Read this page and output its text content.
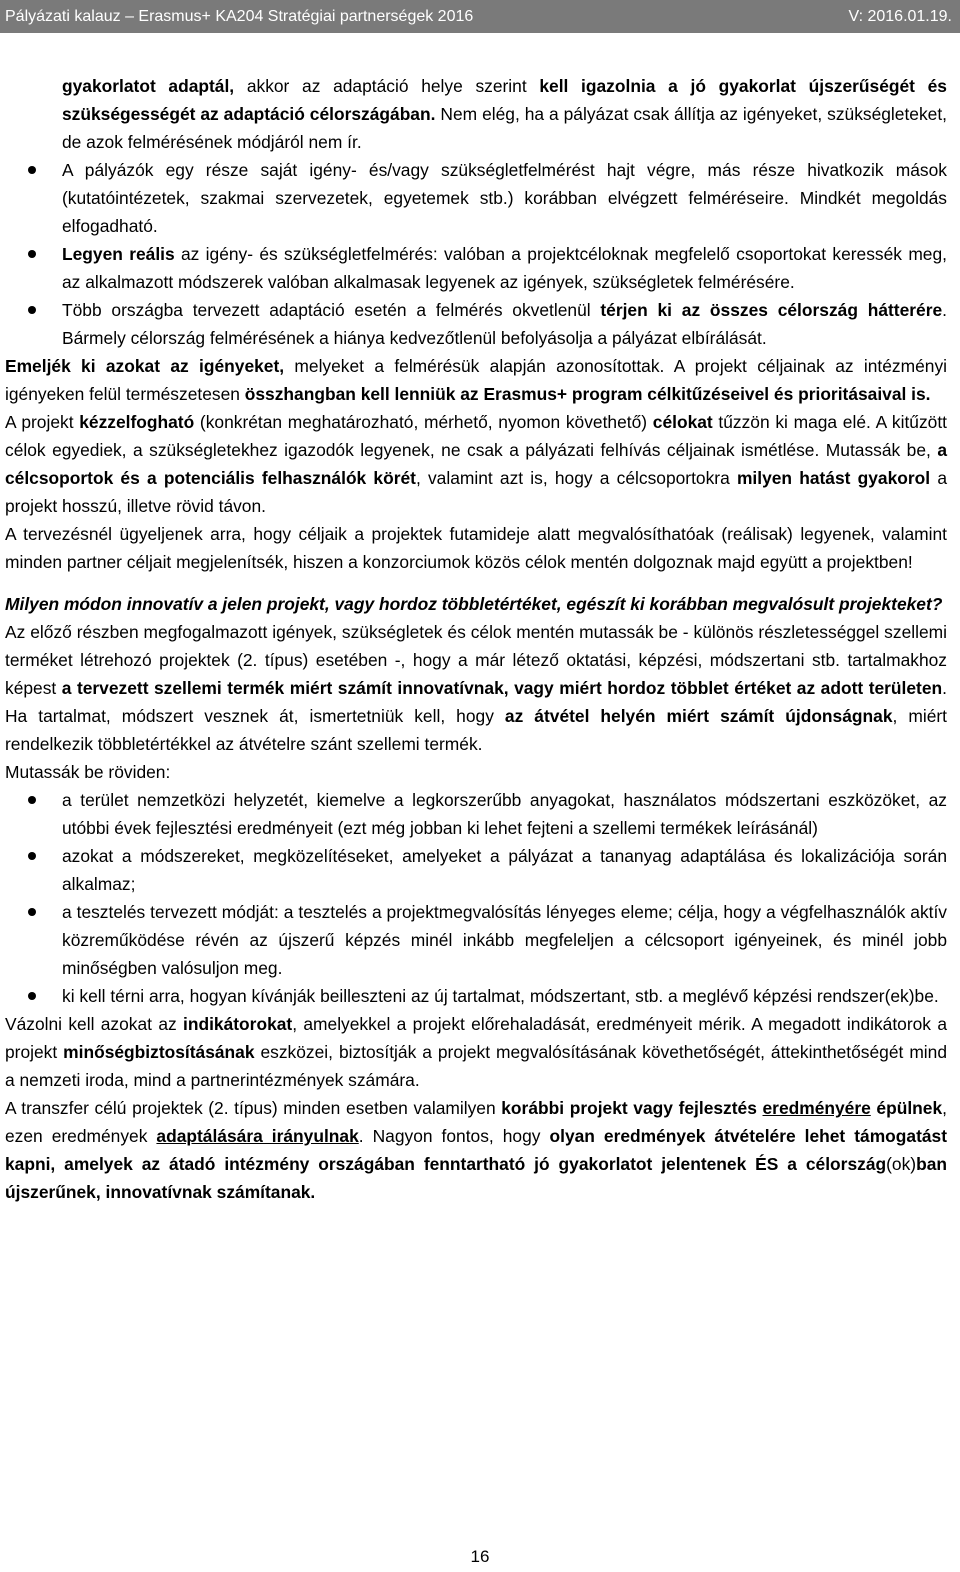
Pályázati kalauz – Erasmus+ KA204 Stratégiai partnerségek 2016	V: 2016.01.19.

gyakorlatot adaptál, akkor az adaptáció helye szerint kell igazolnia a jó gyakorlat újszerűségét és szükségességét az adaptáció célországában. Nem elég, ha a pályázat csak állítja az igényeket, szükségleteket, de azok felmérésének módjáról nem ír.

A pályázók egy része saját igény- és/vagy szükségletfelmérést hajt végre, más része hivatkozik mások (kutatóintézetek, szakmai szervezetek, egyetemek stb.) korábban elvégzett felméréseire. Mindkét megoldás elfogadható.

Legyen reális az igény- és szükségletfelmérés: valóban a projektcéloknak megfelelő csoportokat keressék meg, az alkalmazott módszerek valóban alkalmasak legyenek az igények, szükségletek felmérésére.

Több országba tervezett adaptáció esetén a felmérés okvetlenül térjen ki az összes célország hátterére. Bármely célország felmérésének a hiánya kedvezőtlenül befolyásolja a pályázat elbírálását.

Emeljék ki azokat az igényeket, melyeket a felmérésük alapján azonosítottak. A projekt céljainak az intézményi igényeken felül természetesen összhangban kell lenniük az Erasmus+ program célkitűzéseivel és prioritásaival is.

A projekt kézzelfogható (konkrétan meghatározható, mérhető, nyomon követhető) célokat tűzzön ki maga elé. A kitűzött célok egyediek, a szükségletekhez igazodók legyenek, ne csak a pályázati felhívás céljainak ismétlése. Mutassák be, a célcsoportok és a potenciális felhasználók körét, valamint azt is, hogy a célcsoportokra milyen hatást gyakorol a projekt hosszú, illetve rövid távon.

A tervezésnél ügyeljenek arra, hogy céljaik a projektek futamideje alatt megvalósíthatóak (reálisak) legyenek, valamint minden partner céljait megjelenítsék, hiszen a konzorciumok közös célok mentén dolgoznak majd együtt a projektben!

Milyen módon innovatív a jelen projekt, vagy hordoz többletértéket, egészít ki korábban megvalósult projekteket?

Az előző részben megfogalmazott igények, szükségletek és célok mentén mutassák be - különös részletességgel szellemi terméket létrehozó projektek (2. típus) esetében -, hogy a már létező oktatási, képzési, módszertani stb. tartalmakhoz képest a tervezett szellemi termék miért számít innovatívnak, vagy miért hordoz többlet értéket az adott területen. Ha tartalmat, módszert vesznek át, ismertetniük kell, hogy az átvétel helyén miért számít újdonságnak, miért rendelkezik többletértékkel az átvételre szánt szellemi termék.

Mutassák be röviden:

a terület nemzetközi helyzetét, kiemelve a legkorszerűbb anyagokat, használatos módszertani eszközöket, az utóbbi évek fejlesztési eredményeit (ezt még jobban ki lehet fejteni a szellemi termékek leírásánál)

azokat a módszereket, megközelítéseket, amelyeket a pályázat a tananyag adaptálása és lokalizációja során alkalmaz;

a tesztelés tervezett módját: a tesztelés a projektmegvalósítás lényeges eleme; célja, hogy a végfelhasználók aktív közreműködése révén az újszerű képzés minél inkább megfeleljen a célcsoport igényeinek, és minél jobb minőségben valósuljon meg.

ki kell térni arra, hogyan kívánják beilleszteni az új tartalmat, módszertant, stb. a meglévő képzési rendszer(ek)be.

Vázolni kell azokat az indikátorokat, amelyekkel a projekt előrehaladását, eredményeit mérik. A megadott indikátorok a projekt minőségbiztosításának eszközei, biztosítják a projekt megvalósításának követhetőségét, áttekinthetőségét mind a nemzeti iroda, mind a partnerintézmények számára.

A transzfer célú projektek (2. típus) minden esetben valamilyen korábbi projekt vagy fejlesztés eredményére épülnek, ezen eredmények adaptálására irányulnak. Nagyon fontos, hogy olyan eredmények átvételére lehet támogatást kapni, amelyek az átadó intézmény országában fenntartható jó gyakorlatot jelentenek ÉS a célország(ok)ban újszerűnek, innovatívnak számítanak.

16
